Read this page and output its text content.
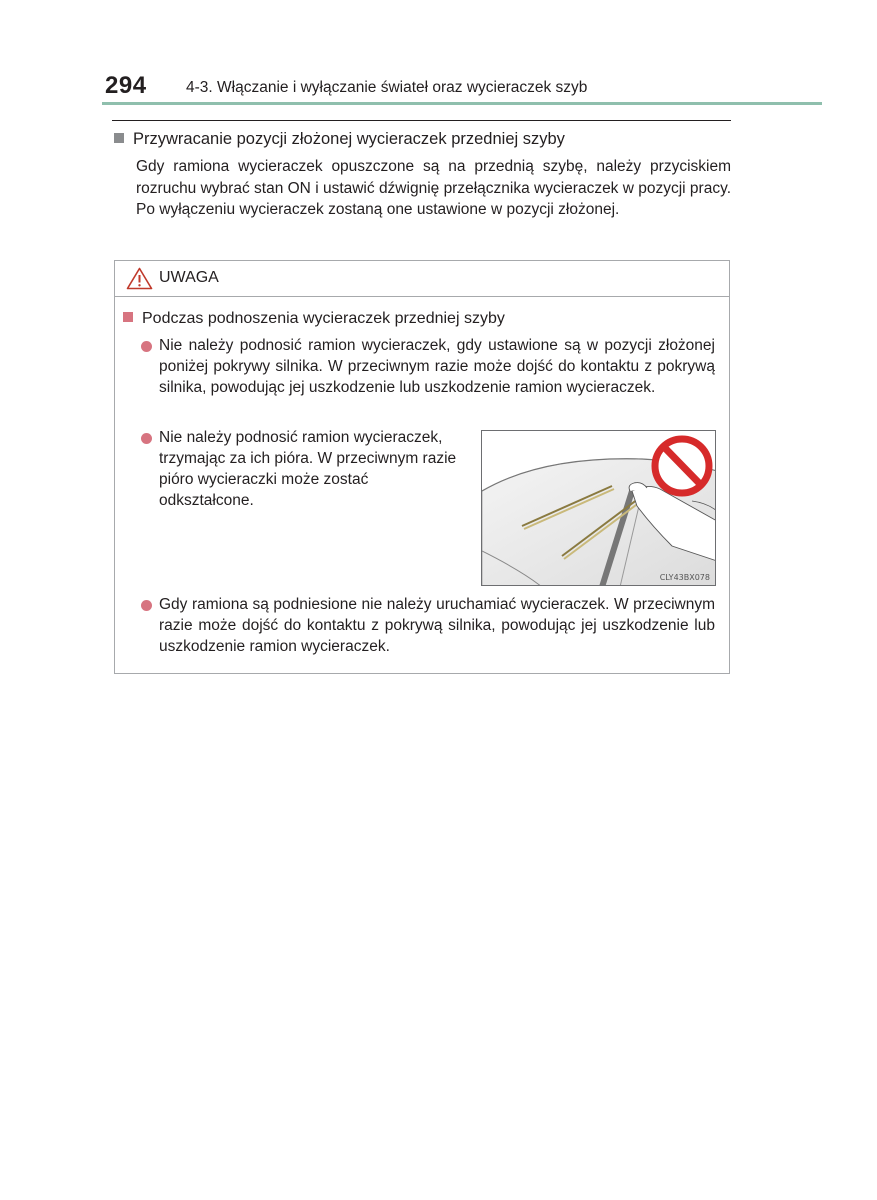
294	4-3. Włączanie i wyłączanie świateł oraz wycieraczek szyb
Przywracanie pozycji złożonej wycieraczek przedniej szyby
Gdy ramiona wycieraczek opuszczone są na przednią szybę, należy przyciskiem rozruchu wybrać stan ON i ustawić dźwignię przełącznika wycieraczek w pozycji pracy. Po wyłączeniu wycieraczek zostaną one ustawione w pozycji złożonej.
UWAGA
Podczas podnoszenia wycieraczek przedniej szyby
Nie należy podnosić ramion wycieraczek, gdy ustawione są w pozycji złożonej poniżej pokrywy silnika. W przeciwnym razie może dojść do kontaktu z pokrywą silnika, powodując jej uszkodzenie lub uszkodzenie ramion wycieraczek.
Nie należy podnosić ramion wycieraczek, trzymając za ich pióra. W przeciwnym razie pióro wycieraczki może zostać odkształcone.
CLY43BX078
Gdy ramiona są podniesione nie należy uruchamiać wycieraczek. W przeciwnym razie może dojść do kontaktu z pokrywą silnika, powodując jej uszkodzenie lub uszkodzenie ramion wycieraczek.
